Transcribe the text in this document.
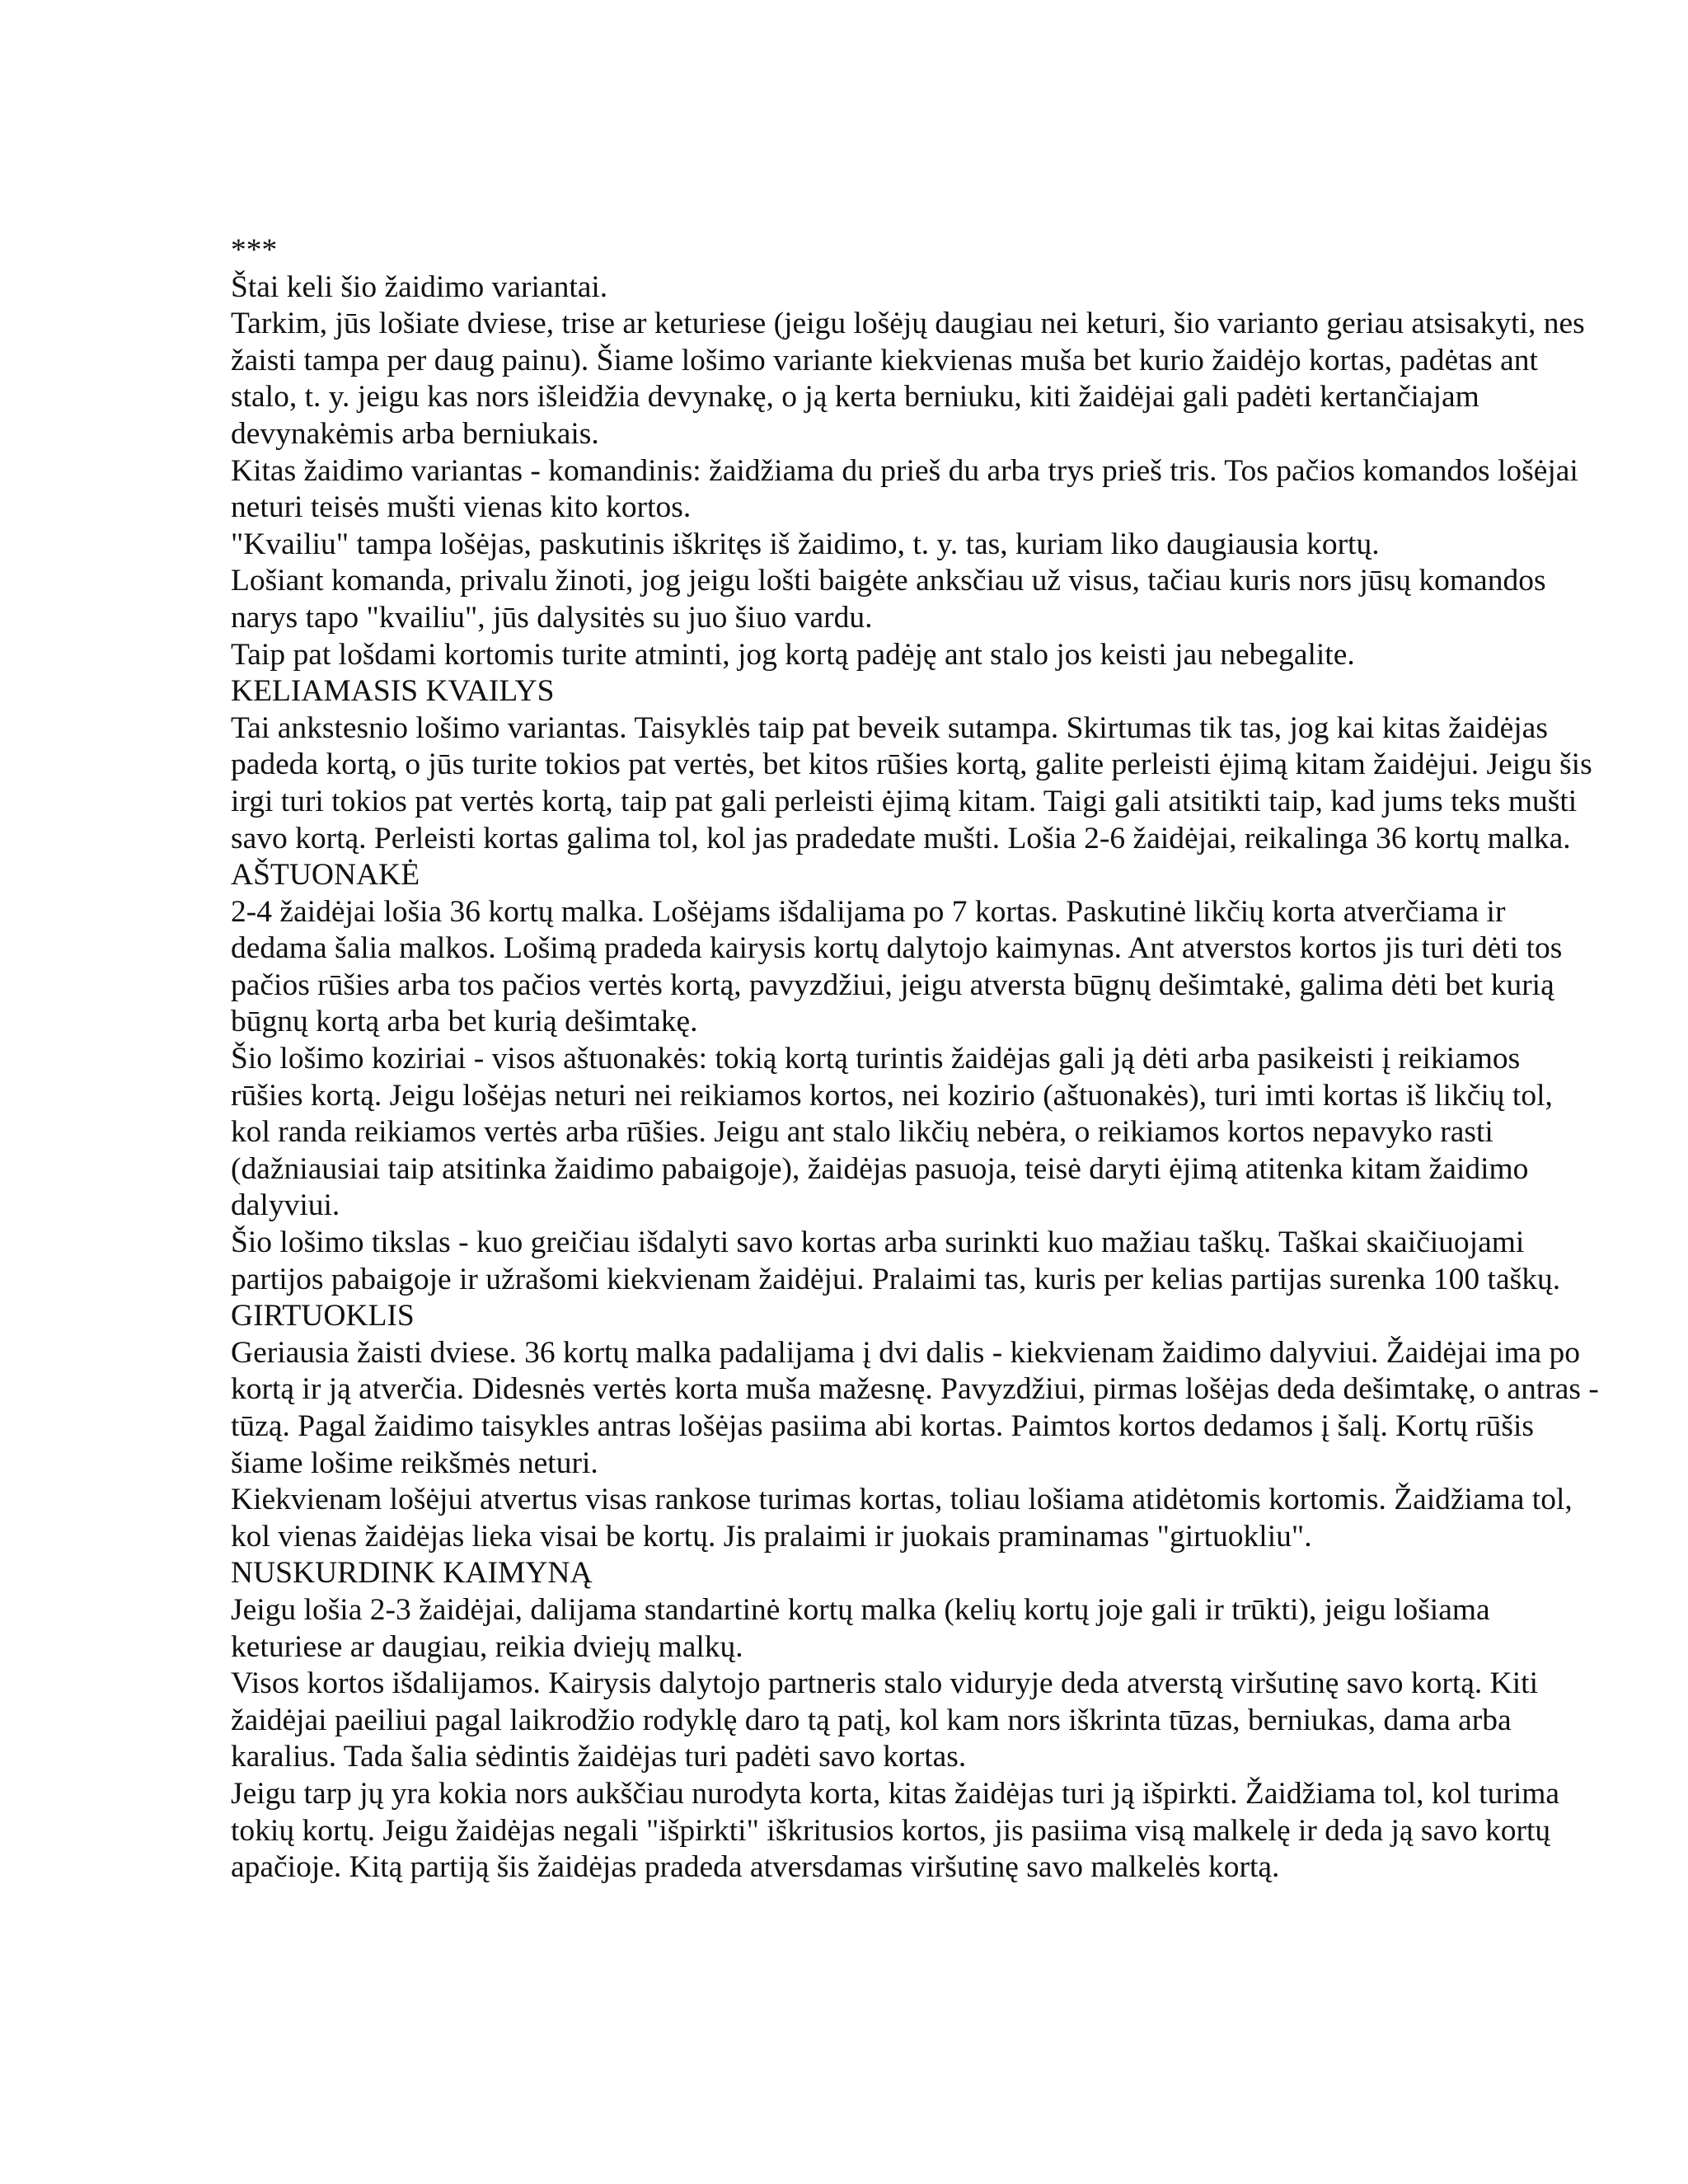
***

Štai keli šio žaidimo variantai.

Tarkim, jūs lošiate dviese, trise ar keturiese (jeigu lošėjų daugiau nei keturi, šio varianto geriau atsisakyti, nes žaisti tampa per daug painu). Šiame lošimo variante kiekvienas muša bet kurio žaidėjo kortas, padėtas ant stalo, t. y. jeigu kas nors išleidžia devynakę, o ją kerta berniuku, kiti žaidėjai gali padėti kertančiajam devynakėmis arba berniukais.

Kitas žaidimo variantas - komandinis: žaidžiama du prieš du arba trys prieš tris. Tos pačios komandos lošėjai neturi teisės mušti vienas kito kortos.

"Kvailiu" tampa lošėjas, paskutinis iškritęs iš žaidimo, t. y. tas, kuriam liko daugiausia kortų.

Lošiant komanda, privalu žinoti, jog jeigu lošti baigėte anksčiau už visus, tačiau kuris nors jūsų komandos narys tapo "kvailiu", jūs dalysitės su juo šiuo vardu.

Taip pat lošdami kortomis turite atminti, jog kortą padėję ant stalo jos keisti jau nebegalite.

KELIAMASIS KVAILYS

Tai ankstesnio lošimo variantas. Taisyklės taip pat beveik sutampa. Skirtumas tik tas, jog kai kitas žaidėjas padeda kortą, o jūs turite tokios pat vertės, bet kitos rūšies kortą, galite perleisti ėjimą kitam žaidėjui. Jeigu šis irgi turi tokios pat vertės kortą, taip pat gali perleisti ėjimą kitam. Taigi gali atsitikti taip, kad jums teks mušti savo kortą. Perleisti kortas galima tol, kol jas pradedate mušti. Lošia 2-6 žaidėjai, reikalinga 36 kortų malka.

AŠTUONAKĖ

2-4 žaidėjai lošia 36 kortų malka. Lošėjams išdalijama po 7 kortas. Paskutinė likčių korta atverčiama ir dedama šalia malkos. Lošimą pradeda kairysis kortų dalytojo kaimynas. Ant atverstos kortos jis turi dėti tos pačios rūšies arba tos pačios vertės kortą, pavyzdžiui, jeigu atversta būgnų dešimtakė, galima dėti bet kurią būgnų kortą arba bet kurią dešimtakę.

Šio lošimo koziriai - visos aštuonakės: tokią kortą turintis žaidėjas gali ją dėti arba pasikeisti į reikiamos rūšies kortą. Jeigu lošėjas neturi nei reikiamos kortos, nei kozirio (aštuonakės), turi imti kortas iš likčių tol, kol randa reikiamos vertės arba rūšies. Jeigu ant stalo likčių nebėra, o reikiamos kortos nepavyko rasti (dažniausiai taip atsitinka žaidimo pabaigoje), žaidėjas pasuoja, teisė daryti ėjimą atitenka kitam žaidimo dalyviui.

Šio lošimo tikslas - kuo greičiau išdalyti savo kortas arba surinkti kuo mažiau taškų. Taškai skaičiuojami partijos pabaigoje ir užrašomi kiekvienam žaidėjui. Pralaimi tas, kuris per kelias partijas surenka 100 taškų.

GIRTUOKLIS

Geriausia žaisti dviese. 36 kortų malka padalijama į dvi dalis - kiekvienam žaidimo dalyviui. Žaidėjai ima po kortą ir ją atverčia. Didesnės vertės korta muša mažesnę. Pavyzdžiui, pirmas lošėjas deda dešimtakę, o antras - tūzą. Pagal žaidimo taisykles antras lošėjas pasiima abi kortas. Paimtos kortos dedamos į šalį. Kortų rūšis šiame lošime reikšmės neturi.

Kiekvienam lošėjui atvertus visas rankose turimas kortas, toliau lošiama atidėtomis kortomis. Žaidžiama tol, kol vienas žaidėjas lieka visai be kortų. Jis pralaimi ir juokais praminamas "girtuokliu".

NUSKURDINK KAIMYNĄ

Jeigu lošia 2-3 žaidėjai, dalijama standartinė kortų malka (kelių kortų joje gali ir trūkti), jeigu lošiama keturiese ar daugiau, reikia dviejų malkų.

Visos kortos išdalijamos. Kairysis dalytojo partneris stalo viduryje deda atverstą viršutinę savo kortą. Kiti žaidėjai paeiliui pagal laikrodžio rodyklę daro tą patį, kol kam nors iškrinta tūzas, berniukas, dama arba karalius. Tada šalia sėdintis žaidėjas turi padėti savo kortas.

Jeigu tarp jų yra kokia nors aukščiau nurodyta korta, kitas žaidėjas turi ją išpirkti. Žaidžiama tol, kol turima tokių kortų. Jeigu žaidėjas negali "išpirkti" iškritusios kortos, jis pasiima visą malkelę ir deda ją savo kortų apačioje. Kitą partiją šis žaidėjas pradeda atversdamas viršutinę savo malkelės kortą.
